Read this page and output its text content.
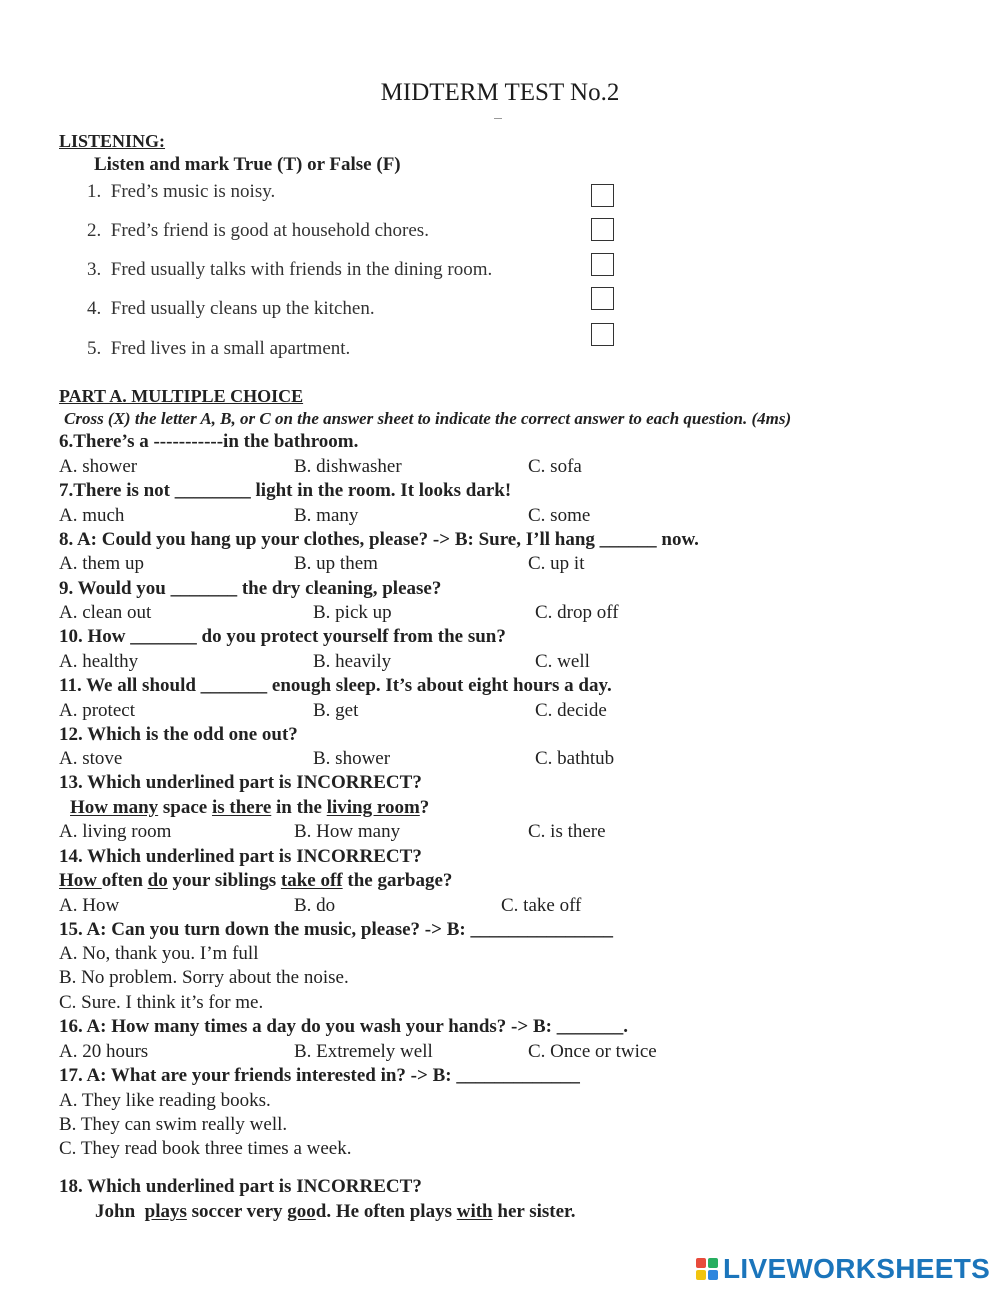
MIDTERM TEST No.2
LISTENING:
Listen and mark True (T) or False (F)
1. Fred’s music is noisy.
2. Fred’s friend is good at household chores.
3. Fred usually talks with friends in the dining room.
4. Fred usually cleans up the kitchen.
5. Fred lives in a small apartment.
PART A. MULTIPLE CHOICE
Cross (X) the letter A, B, or C on the answer sheet to indicate the correct answer to each question. (4ms)
6.There’s a -----------in the bathroom.
A. shower	B. dishwasher	C. sofa
7.There is not ________ light in the room. It looks dark!
A. much	B. many	C. some
8. A: Could you hang up your clothes, please? -> B: Sure, I’ll hang ______ now.
A. them up	B. up them	C. up it
9. Would you _______ the dry cleaning, please?
A. clean out	B. pick up	C. drop off
10. How _______ do you protect yourself from the sun?
A. healthy	B. heavily	C. well
11. We all should _______ enough sleep. It’s about eight hours a day.
A. protect	B. get	C. decide
12. Which is the odd one out?
A. stove	B. shower	C. bathtub
13. Which underlined part is INCORRECT?
How many space is there in the living room?
A. living room	B. How many	C. is there
14. Which underlined part is INCORRECT?
How often do your siblings take off the garbage?
A. How	B. do	C. take off
15. A: Can you turn down the music, please? -> B: _______________
A. No, thank you. I’m full
B. No problem. Sorry about the noise.
C. Sure. I think it’s for me.
16. A: How many times a day do you wash your hands? -> B: _______.
A. 20 hours	B. Extremely well	C. Once or twice
17. A: What are your friends interested in? -> B: _____________
A. They like reading books.
B. They can swim really well.
C. They read book three times a week.
18. Which underlined part is INCORRECT?
John  plays soccer very good. He often plays with her sister.
LIVEWORKSHEETS
